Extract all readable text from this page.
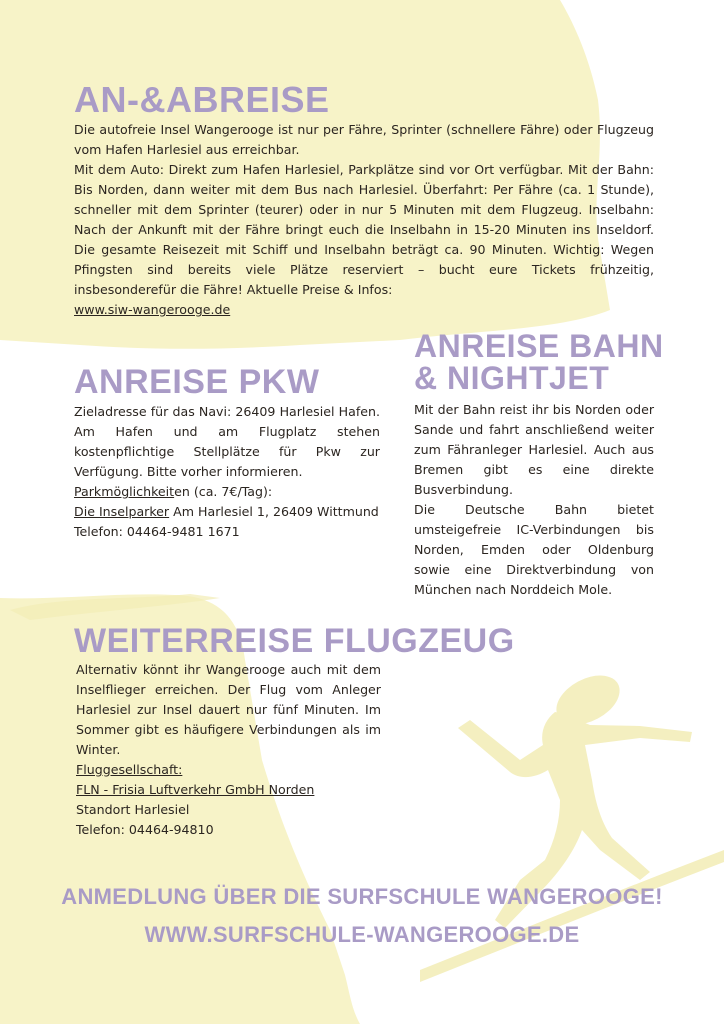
AN-&ABREISE

Die autofreie Insel Wangerooge ist nur per Fähre, Sprinter (schnellere Fähre) oder Flugzeug vom Hafen Harlesiel aus erreichbar.

Mit dem Auto: Direkt zum Hafen Harlesiel, Parkplätze sind vor Ort verfügbar. Mit der Bahn: Bis Norden, dann weiter mit dem Bus nach Harlesiel. Überfahrt: Per Fähre (ca. 1 Stunde), schneller mit dem Sprinter (teurer) oder in nur 5 Minuten mit dem Flugzeug. Inselbahn: Nach der Ankunft mit der Fähre bringt euch die Inselbahn in 15-20 Minuten ins Inseldorf. Die gesamte Reisezeit mit Schiff und Inselbahn beträgt ca. 90 Minuten. Wichtig: Wegen Pfingsten sind bereits viele Plätze reserviert – bucht eure Tickets frühzeitig, insbesonderefür die Fähre! Aktuelle Preise & Infos:

www.siw-wangerooge.de

ANREISE PKW

Zieladresse für das Navi: 26409 Harlesiel Hafen. Am Hafen und am Flugplatz stehen kostenpflichtige Stellplätze für Pkw zur Verfügung. Bitte vorher informieren.

Parkmöglichkeiten (ca. 7€/Tag):

Die Inselparker Am Harlesiel 1, 26409 Wittmund

Telefon: 04464-9481 1671

ANREISE BAHN
& NIGHTJET

Mit der Bahn reist ihr bis Norden oder Sande und fahrt anschließend weiter zum Fähranleger Harlesiel. Auch aus Bremen gibt es eine direkte Busverbindung.

Die Deutsche Bahn bietet umsteigefreie IC-Verbindungen bis Norden, Emden oder Oldenburg sowie eine Direktverbindung von München nach Norddeich Mole.

WEITERREISE FLUGZEUG

Alternativ könnt ihr Wangerooge auch mit dem Inselflieger erreichen. Der Flug vom Anleger Harlesiel zur Insel dauert nur fünf Minuten. Im Sommer gibt es häufigere Verbindungen als im Winter.

Fluggesellschaft:

FLN - Frisia Luftverkehr GmbH Norden

Standort Harlesiel

Telefon: 04464-94810

ANMEDLUNG ÜBER DIE SURFSCHULE WANGEROOGE!

WWW.SURFSCHULE-WANGEROOGE.DE
